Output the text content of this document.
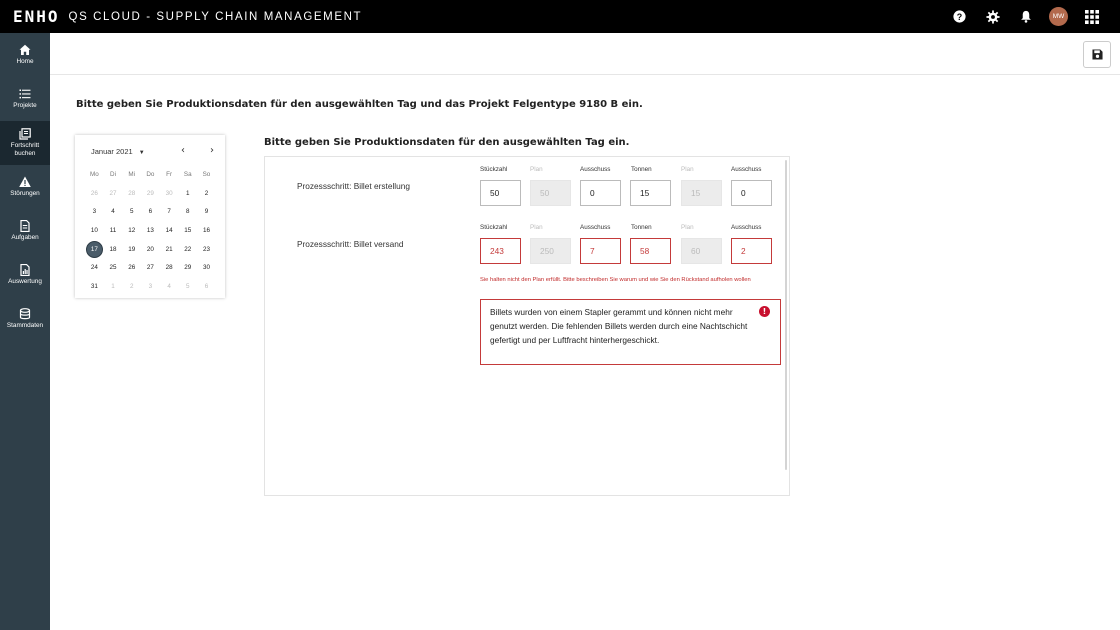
ENHO QS CLOUD - SUPPLY CHAIN MANAGEMENT	?	MW
Home
Projekte
Fortschritt buchen
Störungen
Aufgaben
Auswertung
Stammdaten
Bitte geben Sie Produktionsdaten für den ausgewählten Tag und das Projekt Felgentype 9180 B ein.
Januar 2021 ▼	‹	›
Mo	Di	Mi	Do	Fr	Sa	So
26	27	28	29	30	1	2
3	4	5	6	7	8	9
10	11	12	13	14	15	16
17	18	19	20	21	22	23
24	25	26	27	28	29	30
31	1	2	3	4	5	6
Bitte geben Sie Produktionsdaten für den ausgewählten Tag ein.
Prozessschritt: Billet erstellung
Stückzahl	Plan	Ausschuss	Tonnen	Plan	Ausschuss
50	50	0	15	15	0
Prozessschritt: Billet versand
Stückzahl	Plan	Ausschuss	Tonnen	Plan	Ausschuss
243	250	7	58	60	2
Sie halten nicht den Plan erfüllt. Bitte beschreiben Sie warum und wie Sie den Rückstand aufholen wollen
Billets wurden von einem Stapler gerammt und können nicht mehr genutzt werden. Die fehlenden Billets werden durch eine Nachtschicht gefertigt und per Luftfracht hinterhergeschickt.
!
